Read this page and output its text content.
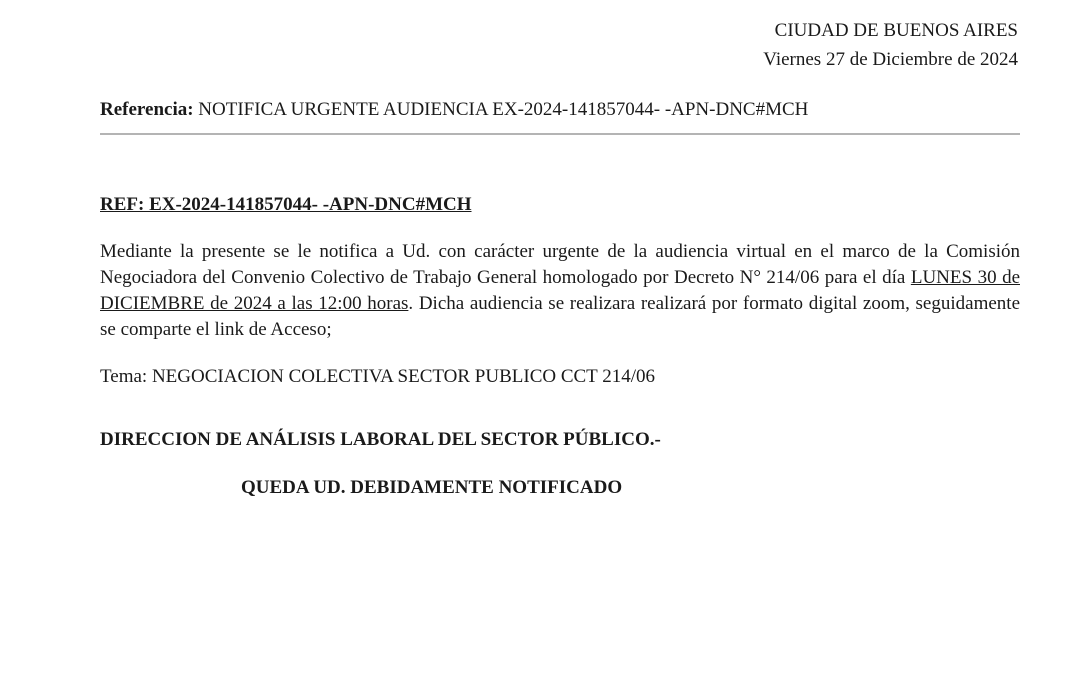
CIUDAD DE BUENOS AIRES
Viernes 27 de Diciembre de 2024
Referencia: NOTIFICA URGENTE AUDIENCIA EX-2024-141857044- -APN-DNC#MCH
REF: EX-2024-141857044- -APN-DNC#MCH
Mediante la presente se le notifica a Ud. con carácter urgente de la audiencia virtual en el marco de la Comisión Negociadora del Convenio Colectivo de Trabajo General homologado por Decreto N° 214/06 para el día LUNES 30 de DICIEMBRE de 2024 a las 12:00 horas. Dicha audiencia se realizara realizará por formato digital zoom, seguidamente se comparte el link de Acceso;
Tema: NEGOCIACION COLECTIVA SECTOR PUBLICO CCT 214/06
DIRECCION DE ANÁLISIS LABORAL DEL SECTOR PÚBLICO.-
QUEDA UD. DEBIDAMENTE NOTIFICADO
